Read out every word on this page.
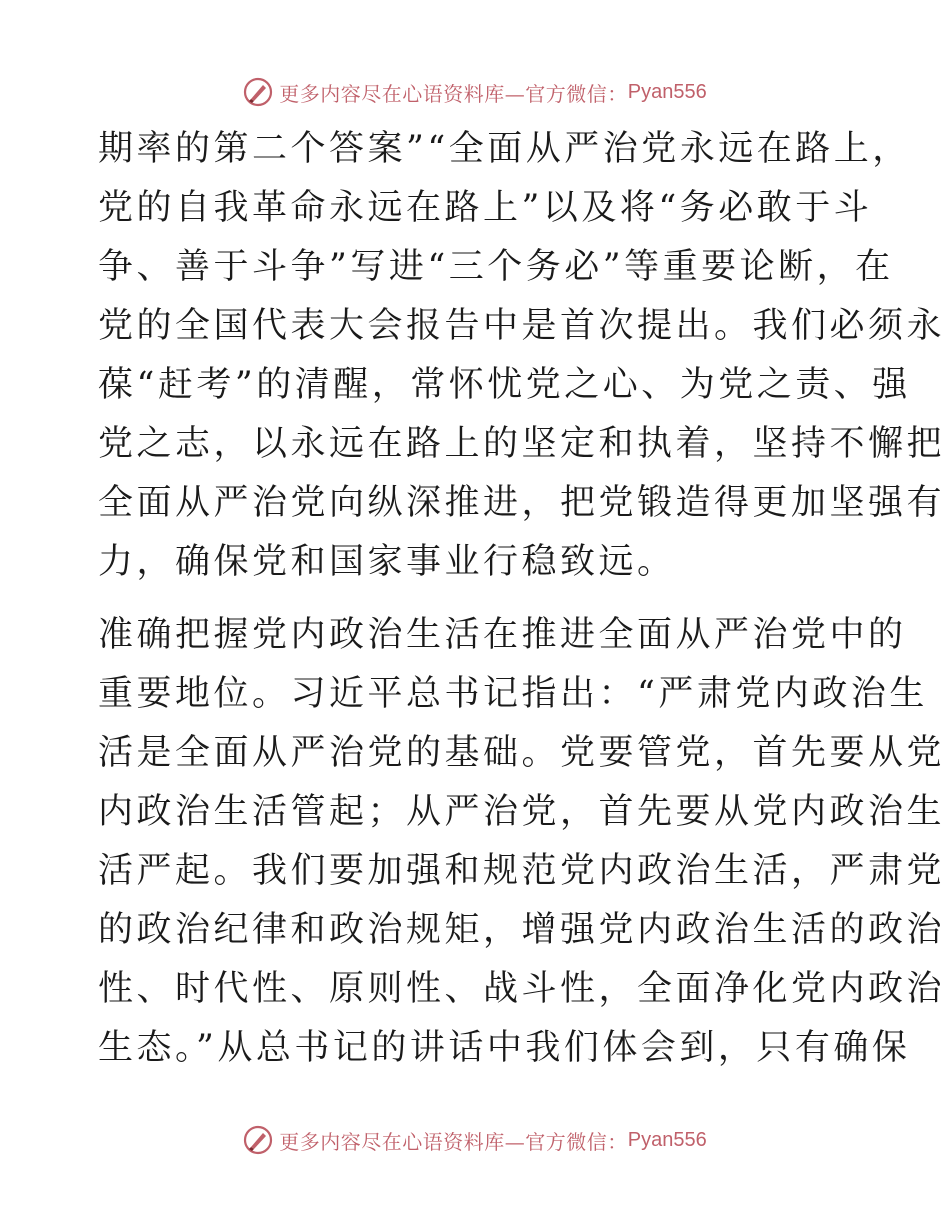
更多内容尽在心语资料库—官方微信： Pyan556
期率的第二个答案”“全面从严治党永远在路上，
党的自我革命永远在路上”以及将“务必敢于斗
争、善于斗争”写进“三个务必”等重要论断，在
党的全国代表大会报告中是首次提出。我们必须永
葆“赶考”的清醒，常怀忧党之心、为党之责、强
党之志，以永远在路上的坚定和执着，坚持不懈把
全面从严治党向纵深推进，把党锻造得更加坚强有
力，确保党和国家事业行稳致远。
准确把握党内政治生活在推进全面从严治党中的
重要地位。习近平总书记指出：“严肃党内政治生
活是全面从严治党的基础。党要管党，首先要从党
内政治生活管起；从严治党，首先要从党内政治生
活严起。我们要加强和规范党内政治生活，严肃党
的政治纪律和政治规矩，增强党内政治生活的政治
性、时代性、原则性、战斗性，全面净化党内政治
生态。”从总书记的讲话中我们体会到，只有确保
更多内容尽在心语资料库—官方微信： Pyan556
